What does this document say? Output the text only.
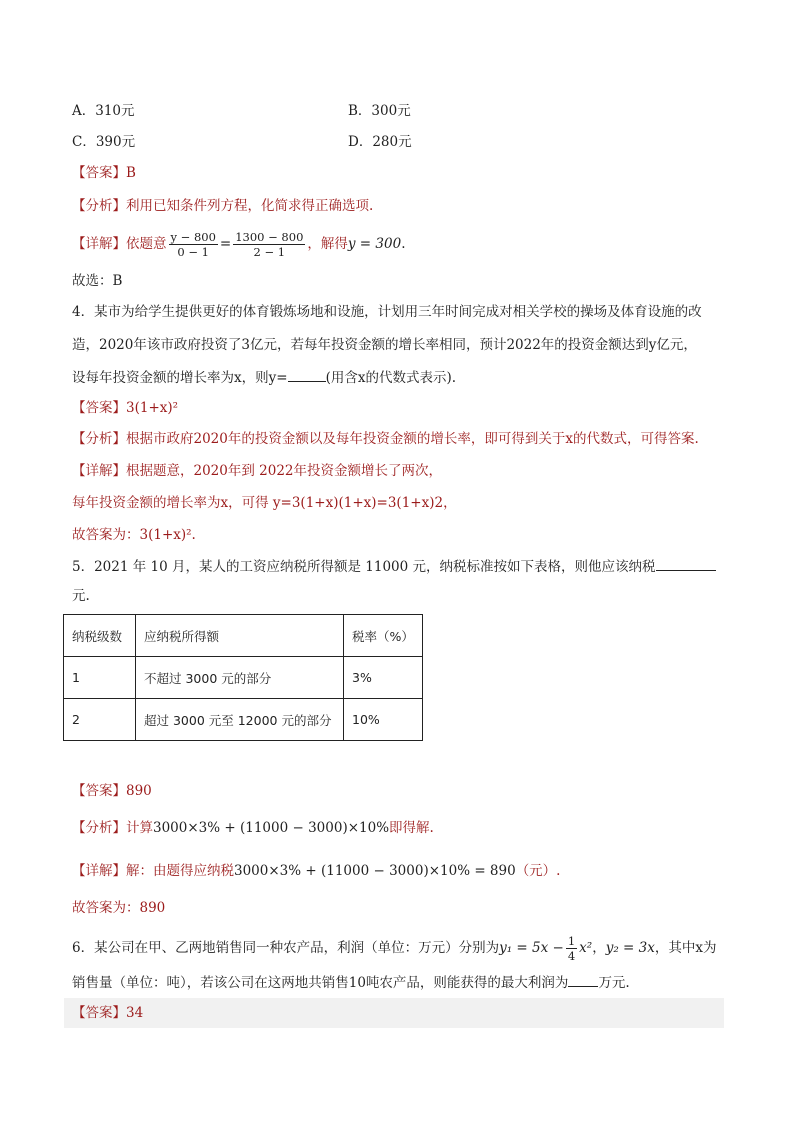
A．310元	B．300元
C．390元	D．280元
【答案】B
【分析】利用已知条件列方程，化简求得正确选项.
【详解】依题意 $\frac{y - 800}{0 - 1} = \frac{1300 - 800}{2 - 1}$ ，解得y = 300.
故选：B
4．某市为给学生提供更好的体育锻炼场地和设施，计划用三年时间完成对相关学校的操场及体育设施的改
造，2020年该市政府投资了3亿元，若每年投资金额的增长率相同，预计2022年的投资金额达到y亿元，
设每年投资金额的增长率为x，则y=	(用含x的代数式表示).
【答案】3(1+x)²
【分析】根据市政府2020年的投资金额以及每年投资金额的增长率，即可得到关于x的代数式，可得答案.
【详解】根据题意，2020年到 2022年投资金额增长了两次，
每年投资金额的增长率为x，可得 y=3(1+x)(1+x)=3(1+x)2，
故答案为：3(1+x)².
5．2021 年 10 月，某人的工资应纳税所得额是 11000 元，纳税标准按如下表格，则他应该纳税
元.
纳税级数	应纳税所得额	税率（%）
1	不超过 3000 元的部分	3%
2	超过 3000 元至 12000 元的部分	10%
【答案】890
【分析】计算3000×3% + (11000 − 3000)×10%即得解.
【详解】解：由题得应纳税3000×3% + (11000 − 3000)×10% = 890（元）.
故答案为：890
6．某公司在甲、乙两地销售同一种农产品，利润（单位：万元）分别为$y_1 = 5x - \frac{1}{4} x^2$，y₂ = 3x，其中x为
销售量（单位：吨），若该公司在这两地共销售10吨农产品，则能获得的最大利润为 万元.
【答案】34
